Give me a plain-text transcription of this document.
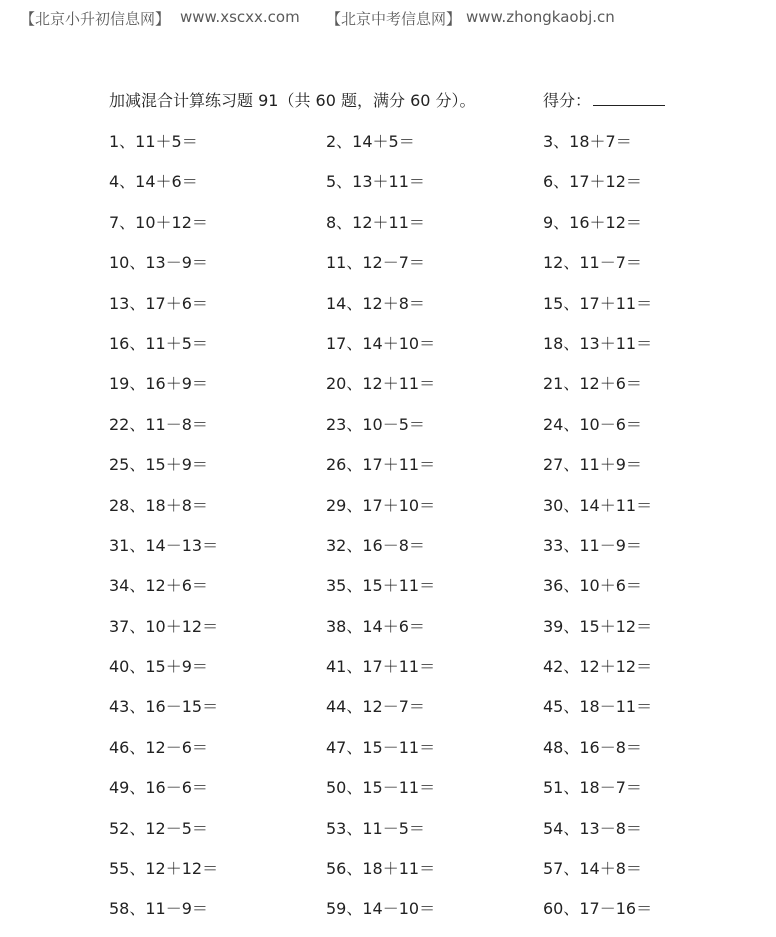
【北京小升初信息网】 www.xscxx.com 【北京中考信息网】 www.zhongkaobj.cn
加减混合计算练习题 91（共 60 题，满分 60 分）。	得分：
1、11＋5＝	2、14＋5＝	3、18＋7＝
4、14＋6＝	5、13＋11＝	6、17＋12＝
7、10＋12＝	8、12＋11＝	9、16＋12＝
10、13－9＝	11、12－7＝	12、11－7＝
13、17＋6＝	14、12＋8＝	15、17＋11＝
16、11＋5＝	17、14＋10＝	18、13＋11＝
19、16＋9＝	20、12＋11＝	21、12＋6＝
22、11－8＝	23、10－5＝	24、10－6＝
25、15＋9＝	26、17＋11＝	27、11＋9＝
28、18＋8＝	29、17＋10＝	30、14＋11＝
31、14－13＝	32、16－8＝	33、11－9＝
34、12＋6＝	35、15＋11＝	36、10＋6＝
37、10＋12＝	38、14＋6＝	39、15＋12＝
40、15＋9＝	41、17＋11＝	42、12＋12＝
43、16－15＝	44、12－7＝	45、18－11＝
46、12－6＝	47、15－11＝	48、16－8＝
49、16－6＝	50、15－11＝	51、18－7＝
52、12－5＝	53、11－5＝	54、13－8＝
55、12＋12＝	56、18＋11＝	57、14＋8＝
58、11－9＝	59、14－10＝	60、17－16＝
